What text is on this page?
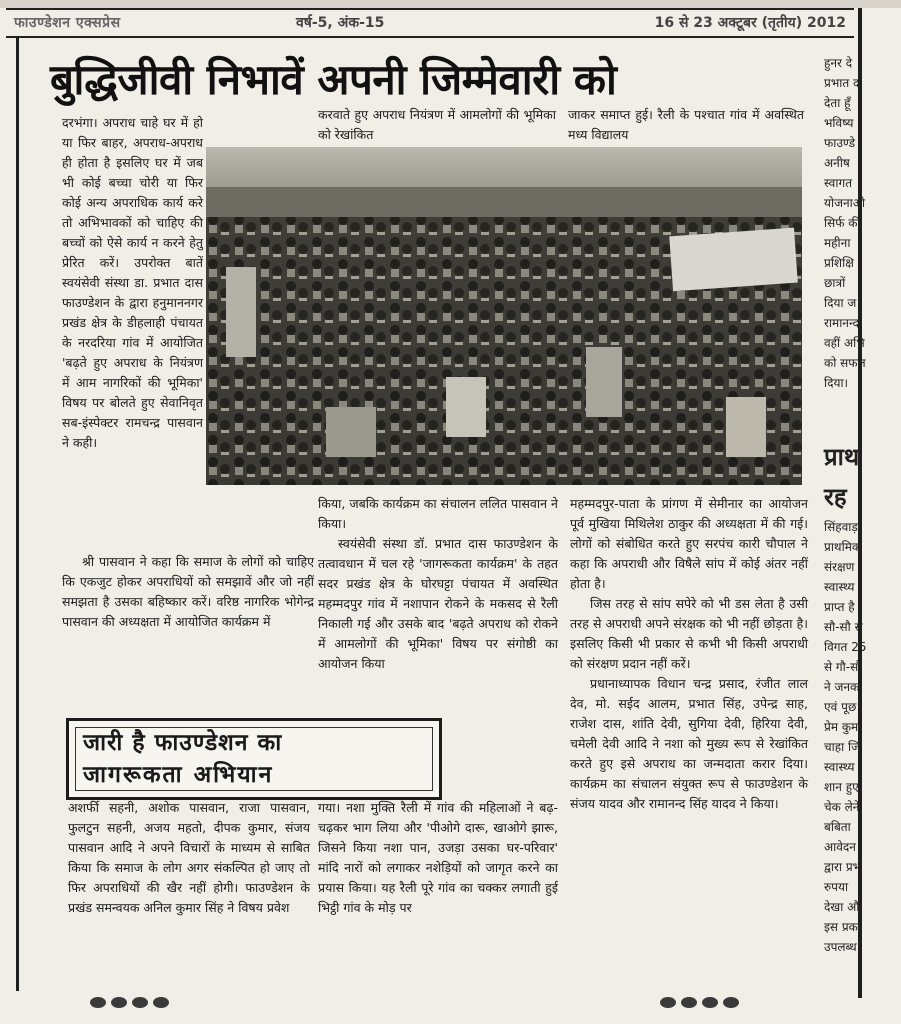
फाउण्डेशन एक्सप्रेस	वर्ष-5, अंक-15	16 से 23 अक्टूबर (तृतीय) 2012
बुद्धिजीवी निभावें अपनी जिम्मेवारी को

दरभंगा। अपराध चाहे घर में हो या फिर बाहर, अपराध-अपराध ही होता है इसलिए घर में जब भी कोई बच्चा चोरी या फिर कोई अन्य अपराधिक कार्य करे तो अभिभावकों को चाहिए की बच्चों को ऐसे कार्य न करने हेतु प्रेरित करें। उपरोक्त बातें स्वयंसेवी संस्था डा. प्रभात दास फाउण्डेशन के द्वारा हनुमाननगर प्रखंड क्षेत्र के डीहलाही पंचायत के नरदरिया गांव में आयोजित 'बढ़ते हुए अपराध के नियंत्रण में आम नागरिकों की भूमिका' विषय पर बोलते हुए सेवानिवृत सब-इंस्पेक्टर रामचन्द्र पासवान ने कही।

श्री पासवान ने कहा कि समाज के लोगों को चाहिए कि एकजुट होकर अपराधियों को समझावें और जो नहीं समझता है उसका बहिष्कार करें। वरिष्ठ नागरिक भोगेन्द्र पासवान की अध्यक्षता में आयोजित कार्यक्रम में

अशर्फी सहनी, अशोक पासवान, राजा पासवान, फुलटुन सहनी, अजय महतो, दीपक कुमार, संजय पासवान आदि ने अपने विचारों के माध्यम से साबित किया कि समाज के लोग अगर संकल्पित हो जाए तो फिर अपराधियों की खैर नहीं होगी। फाउण्डेशन के प्रखंड समन्वयक अनिल कुमार सिंह ने विषय प्रवेश

करवाते हुए अपराध नियंत्रण में आमलोगों की भूमिका को रेखांकित

किया, जबकि कार्यक्रम का संचालन ललित पासवान ने किया।

स्वयंसेवी संस्था डॉ. प्रभात दास फाउण्डेशन के तत्वावधान में चल रहे 'जागरूकता कार्यक्रम' के तहत सदर प्रखंड क्षेत्र के घोरघट्टा पंचायत में अवस्थित महम्मदपुर गांव में नशापान रोकने के मकसद से रैली निकाली गई और उसके बाद 'बढ़ते अपराध को रोकने में आमलोगों की भूमिका' विषय पर संगोष्ठी का आयोजन किया

गया। नशा मुक्ति रैली में गांव की महिलाओं ने बढ़-चढ़कर भाग लिया और 'पीओगे दारू, खाओगे झारू, जिसने किया नशा पान, उजड़ा उसका घर-परिवार' मांदि नारों को लगाकर नशेड़ियों को जागृत करने का प्रयास किया। यह रैली पूरे गांव का चक्कर लगाती हुई भिट्ठी गांव के मोड़ पर

जाकर समाप्त हुई। रैली के पश्चात गांव में अवस्थित मध्य विद्यालय

महम्मदपुर-पाता के प्रांगण में सेमीनार का आयोजन पूर्व मुखिया मिथिलेश ठाकुर की अध्यक्षता में की गई। लोगों को संबोधित करते हुए सरपंच कारी चौपाल ने कहा कि अपराधी और विषैले सांप में कोई अंतर नहीं होता है।

जिस तरह से सांप सपेरे को भी डस लेता है उसी तरह से अपराधी अपने संरक्षक को भी नहीं छोड़ता है। इसलिए किसी भी प्रकार से कभी भी किसी अपराधी को संरक्षण प्रदान नहीं करें।

प्रधानाध्यापक विधान चन्द्र प्रसाद, रंजीत लाल देव, मो. सईद आलम, प्रभात सिंह, उपेन्द्र साह, राजेश दास, शांति देवी, सुगिया देवी, हिरिया देवी, चमेली देवी आदि ने नशा को मुख्य रूप से रेखांकित करते हुए इसे अपराध का जन्मदाता करार दिया। कार्यक्रम का संचालन संयुक्त रूप से फाउण्डेशन के संजय यादव और रामानन्द सिंह यादव ने किया।

जारी है फाउण्डेशन का
जागरूकता अभियान
हुनर दे
प्रभात द
देता हूँ
भविष्य
फाउण्डे
अनीष
स्वागत
योजनाओ
सिर्फ की
महीना
प्रशिक्षि
छात्रों
दिया ज
रामानन्द
वहीं अभि
को सफल
दिया।
प्राथ
रह
सिंहवाड़ा
प्राथमिक
संरक्षण
स्वास्थ्य
प्राप्त है
सौ-सौ स
विगत 25
से गौ-सौ
ने जनक
एवं पूछ
प्रेम कुमा
चाहा जि
स्वास्थ्य
शान हुए
चेक लेने
बबिता
आवेदन
द्वारा प्रभ
रुपया
देखा औ
इस प्रका
उपलब्ध
